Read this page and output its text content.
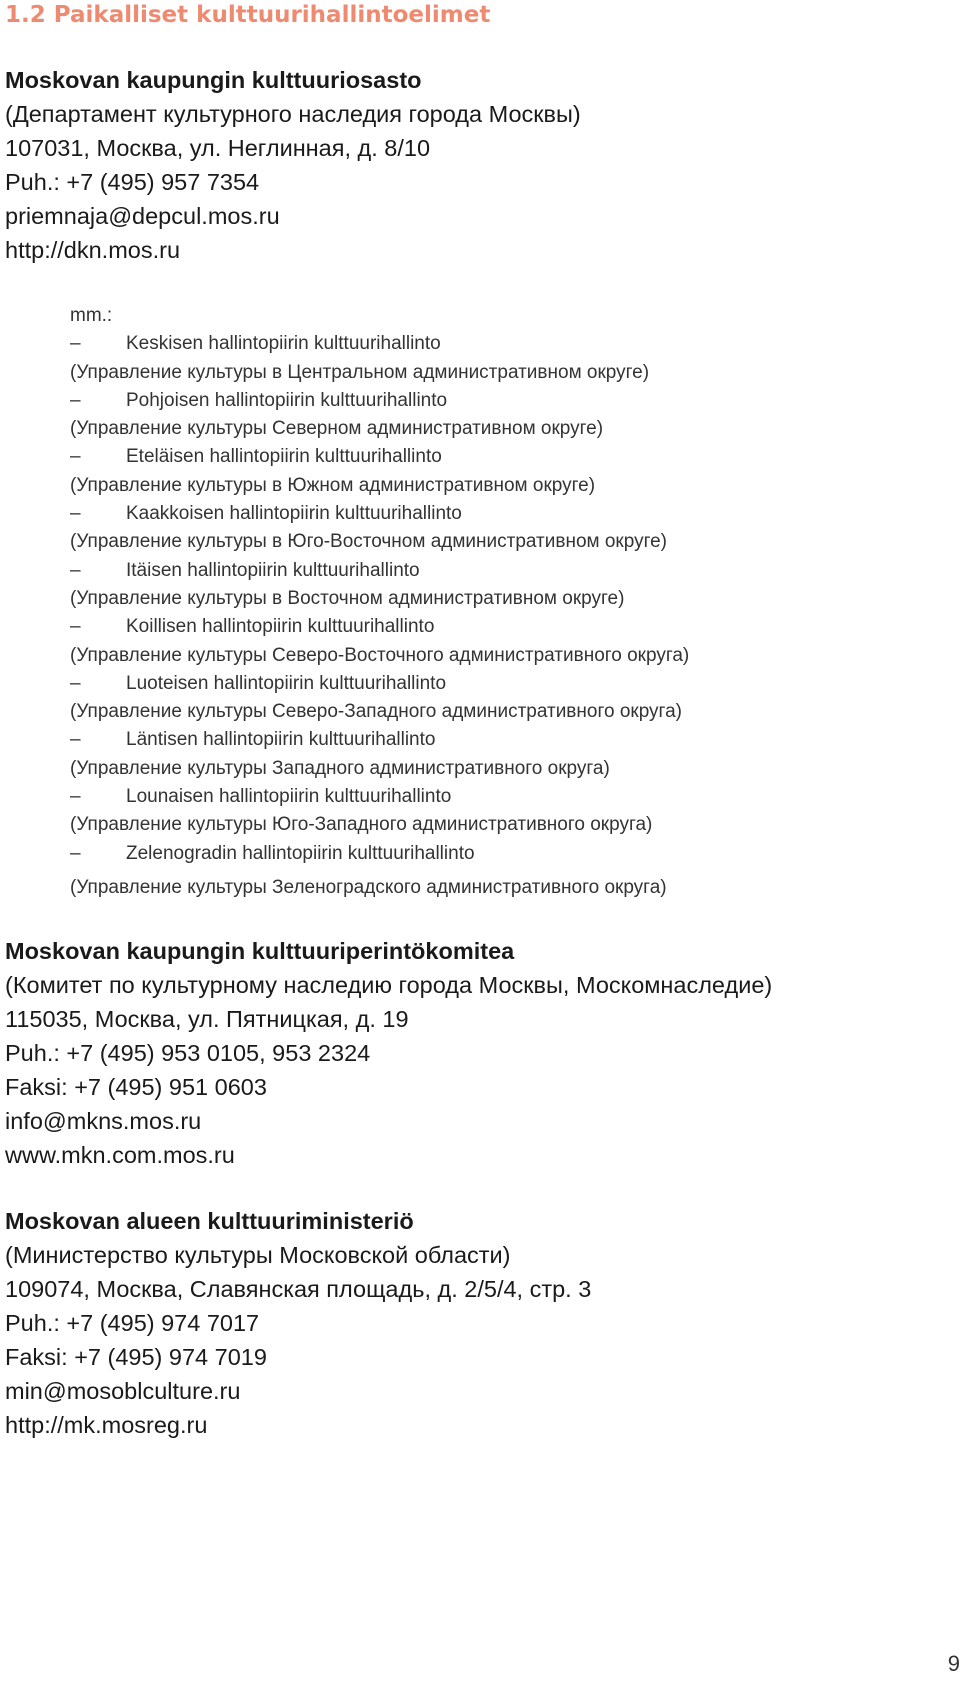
1.2 Paikalliset kulttuurihallintoelimet
Moskovan kaupungin kulttuuriosasto
(Департамент культурного наследия города Москвы)
107031, Москва, ул. Неглинная, д. 8/10
Puh.: +7 (495) 957 7354
priemnaja@depcul.mos.ru
http://dkn.mos.ru
mm.:
– Keskisen hallintopiirin kulttuurihallinto
(Управление культуры в Центральном административном округе)
– Pohjoisen hallintopiirin kulttuurihallinto
(Управление культуры Северном административном округе)
– Eteläisen hallintopiirin kulttuurihallinto
(Управление культуры в Южном административном округе)
– Kaakkoisen hallintopiirin kulttuurihallinto
(Управление культуры в Юго-Восточном административном округе)
– Itäisen hallintopiirin kulttuurihallinto
(Управление культуры в Восточном административном округе)
– Koillisen hallintopiirin kulttuurihallinto
(Управление культуры Северо-Восточного административного округа)
– Luoteisen hallintopiirin kulttuurihallinto
(Управление культуры Северо-Западного административного округа)
– Läntisen hallintopiirin kulttuurihallinto
(Управление культуры Западного административного округа)
– Lounaisen hallintopiirin kulttuurihallinto
(Управление культуры Юго-Западного административного округа)
– Zelenogradin hallintopiirin kulttuurihallinto
(Управление культуры Зеленоградского административного округа)
Moskovan kaupungin kulttuuriperintökomitea
(Комитет по культурному наследию города Москвы, Москомнаследие)
115035, Москва, ул. Пятницкая, д. 19
Puh.: +7 (495) 953 0105, 953 2324
Faksi: +7 (495) 951 0603
info@mkns.mos.ru
www.mkn.com.mos.ru
Moskovan alueen kulttuuriministeriö
(Министерство культуры Московской области)
109074, Москва, Славянская площадь, д. 2/5/4, стр. 3
Puh.: +7 (495) 974 7017
Faksi: +7 (495) 974 7019
min@mosoblculture.ru
http://mk.mosreg.ru
9
